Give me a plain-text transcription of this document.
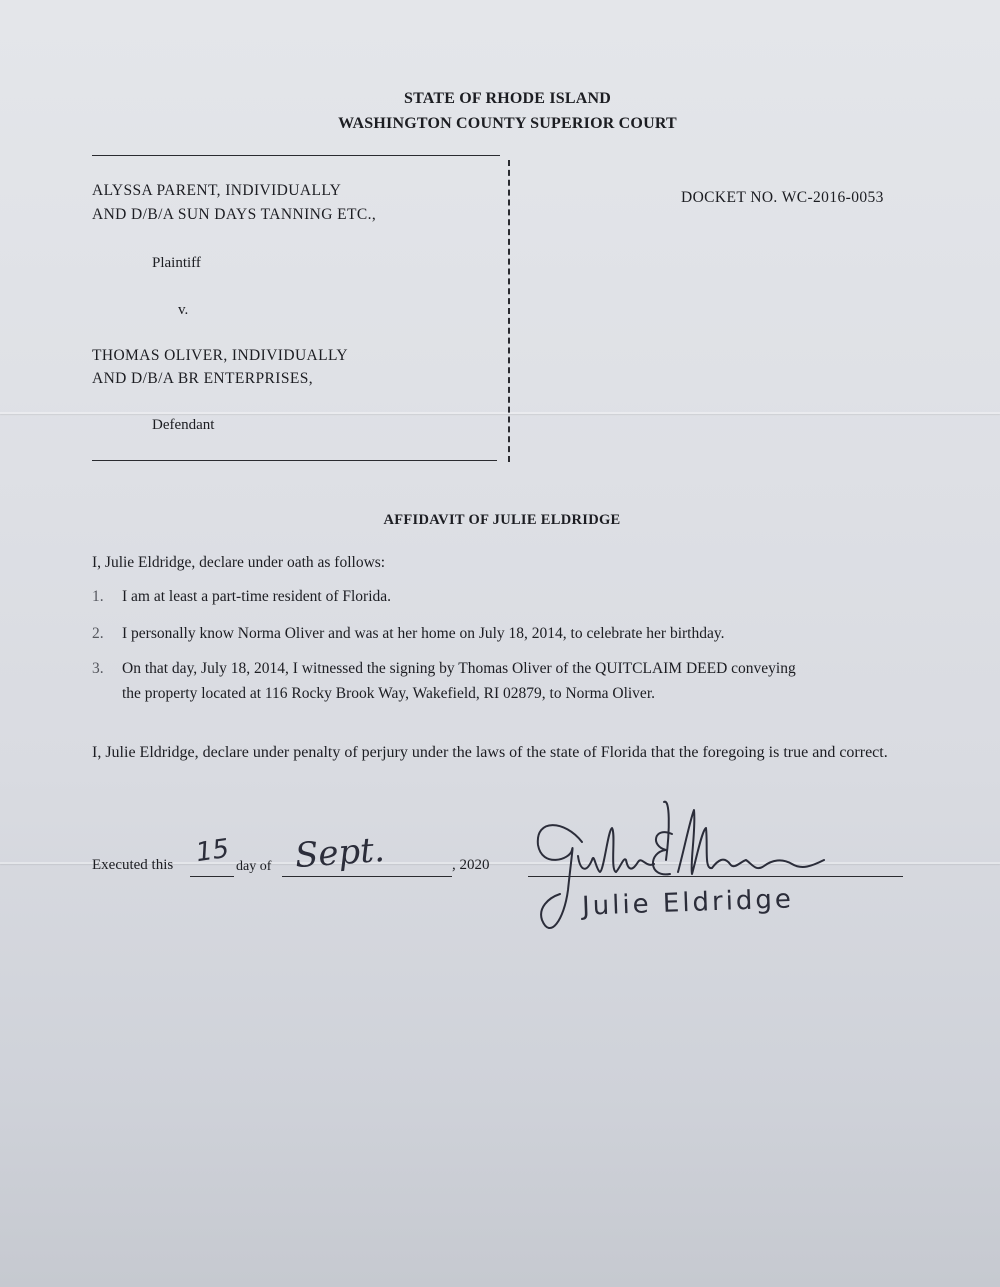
STATE OF RHODE ISLAND
WASHINGTON COUNTY SUPERIOR COURT
ALYSSA PARENT, INDIVIDUALLY
AND D/B/A SUN DAYS TANNING ETC.,
Plaintiff
v.
THOMAS OLIVER, INDIVIDUALLY
AND D/B/A BR ENTERPRISES,
Defendant
DOCKET NO. WC-2016-0053
AFFIDAVIT OF JULIE ELDRIDGE
I, Julie Eldridge, declare under oath as follows:
1. I am at least a part-time resident of Florida.
2. I personally know Norma Oliver and was at her home on July 18, 2014, to celebrate her birthday.
3. On that day, July 18, 2014, I witnessed the signing by Thomas Oliver of the QUITCLAIM DEED conveying
the property located at 116 Rocky Brook Way, Wakefield, RI 02879, to Norma Oliver.
I, Julie Eldridge, declare under penalty of perjury under the laws of the state of Florida that the foregoing is true and correct.
Executed this 15 day of Sept.	, 2020
Julie Eldridge
